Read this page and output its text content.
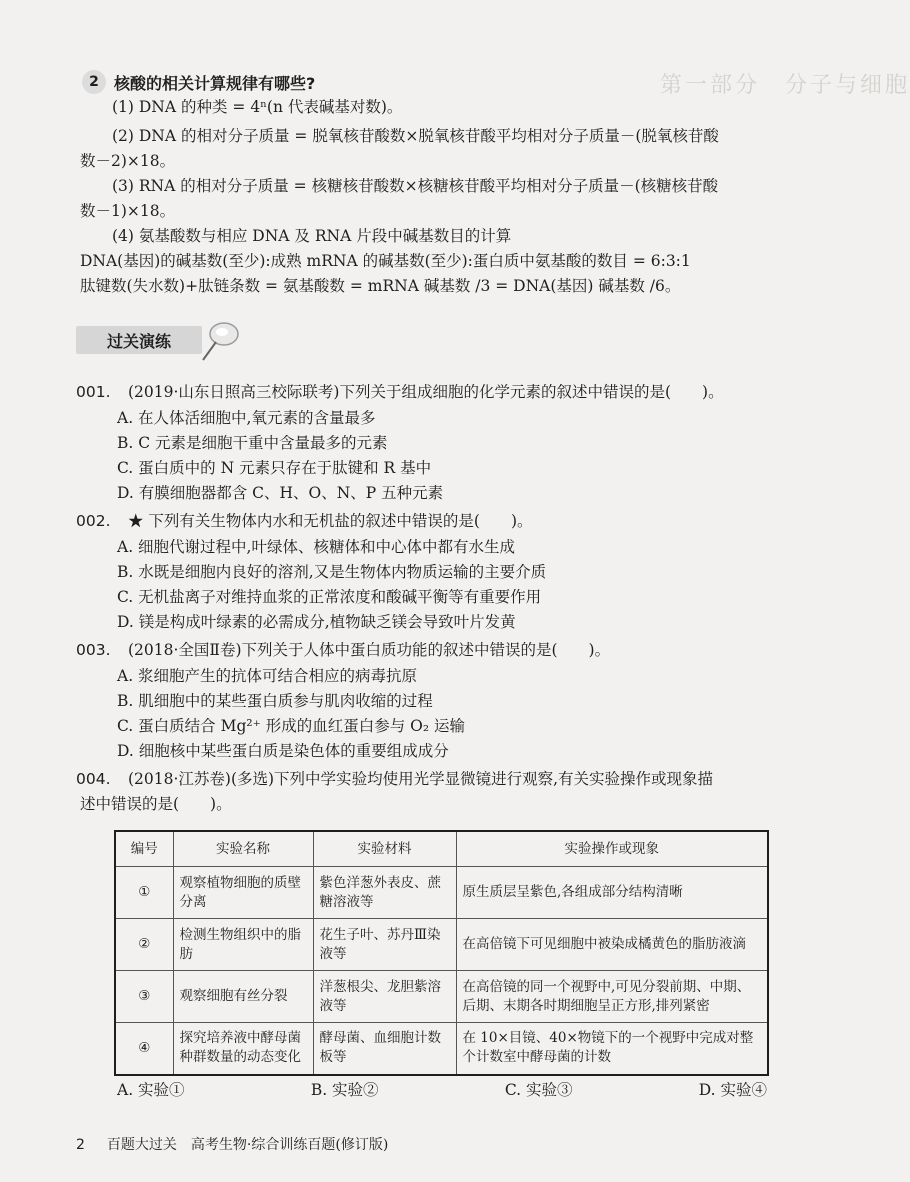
第一部分　分子与细胞
2 核酸的相关计算规律有哪些?
(1) DNA 的种类 = 4ⁿ(n 代表碱基对数)。
(2) DNA 的相对分子质量 = 脱氧核苷酸数×脱氧核苷酸平均相对分子质量－(脱氧核苷酸
数－2)×18。
(3) RNA 的相对分子质量 = 核糖核苷酸数×核糖核苷酸平均相对分子质量－(核糖核苷酸
数－1)×18。
(4) 氨基酸数与相应 DNA 及 RNA 片段中碱基数目的计算
DNA(基因)的碱基数(至少):成熟 mRNA 的碱基数(至少):蛋白质中氨基酸的数目 = 6:3:1
肽键数(失水数)+肽链条数 = 氨基酸数 = mRNA 碱基数 /3 = DNA(基因) 碱基数 /6。
过关演练
001. (2019·山东日照高三校际联考)下列关于组成细胞的化学元素的叙述中错误的是(　　)。
A. 在人体活细胞中,氧元素的含量最多
B. C 元素是细胞干重中含量最多的元素
C. 蛋白质中的 N 元素只存在于肽键和 R 基中
D. 有膜细胞器都含 C、H、O、N、P 五种元素
002. ★ 下列有关生物体内水和无机盐的叙述中错误的是(　　)。
A. 细胞代谢过程中,叶绿体、核糖体和中心体中都有水生成
B. 水既是细胞内良好的溶剂,又是生物体内物质运输的主要介质
C. 无机盐离子对维持血浆的正常浓度和酸碱平衡等有重要作用
D. 镁是构成叶绿素的必需成分,植物缺乏镁会导致叶片发黄
003. (2018·全国Ⅱ卷)下列关于人体中蛋白质功能的叙述中错误的是(　　)。
A. 浆细胞产生的抗体可结合相应的病毒抗原
B. 肌细胞中的某些蛋白质参与肌肉收缩的过程
C. 蛋白质结合 Mg²⁺ 形成的血红蛋白参与 O₂ 运输
D. 细胞核中某些蛋白质是染色体的重要组成成分
004. (2018·江苏卷)(多选)下列中学实验均使用光学显微镜进行观察,有关实验操作或现象描
述中错误的是(　　)。
编号	实验名称	实验材料	实验操作或现象
①	观察植物细胞的质壁分离	紫色洋葱外表皮、蔗糖溶液等	原生质层呈紫色,各组成部分结构清晰
②	检测生物组织中的脂肪	花生子叶、苏丹Ⅲ染液等	在高倍镜下可见细胞中被染成橘黄色的脂肪液滴
③	观察细胞有丝分裂	洋葱根尖、龙胆紫溶液等	在高倍镜的同一个视野中,可见分裂前期、中期、后期、末期各时期细胞呈正方形,排列紧密
④	探究培养液中酵母菌种群数量的动态变化	酵母菌、血细胞计数板等	在 10×目镜、40×物镜下的一个视野中完成对整个计数室中酵母菌的计数
A. 实验①	B. 实验②	C. 实验③	D. 实验④
2 百题大过关　高考生物·综合训练百题(修订版)
